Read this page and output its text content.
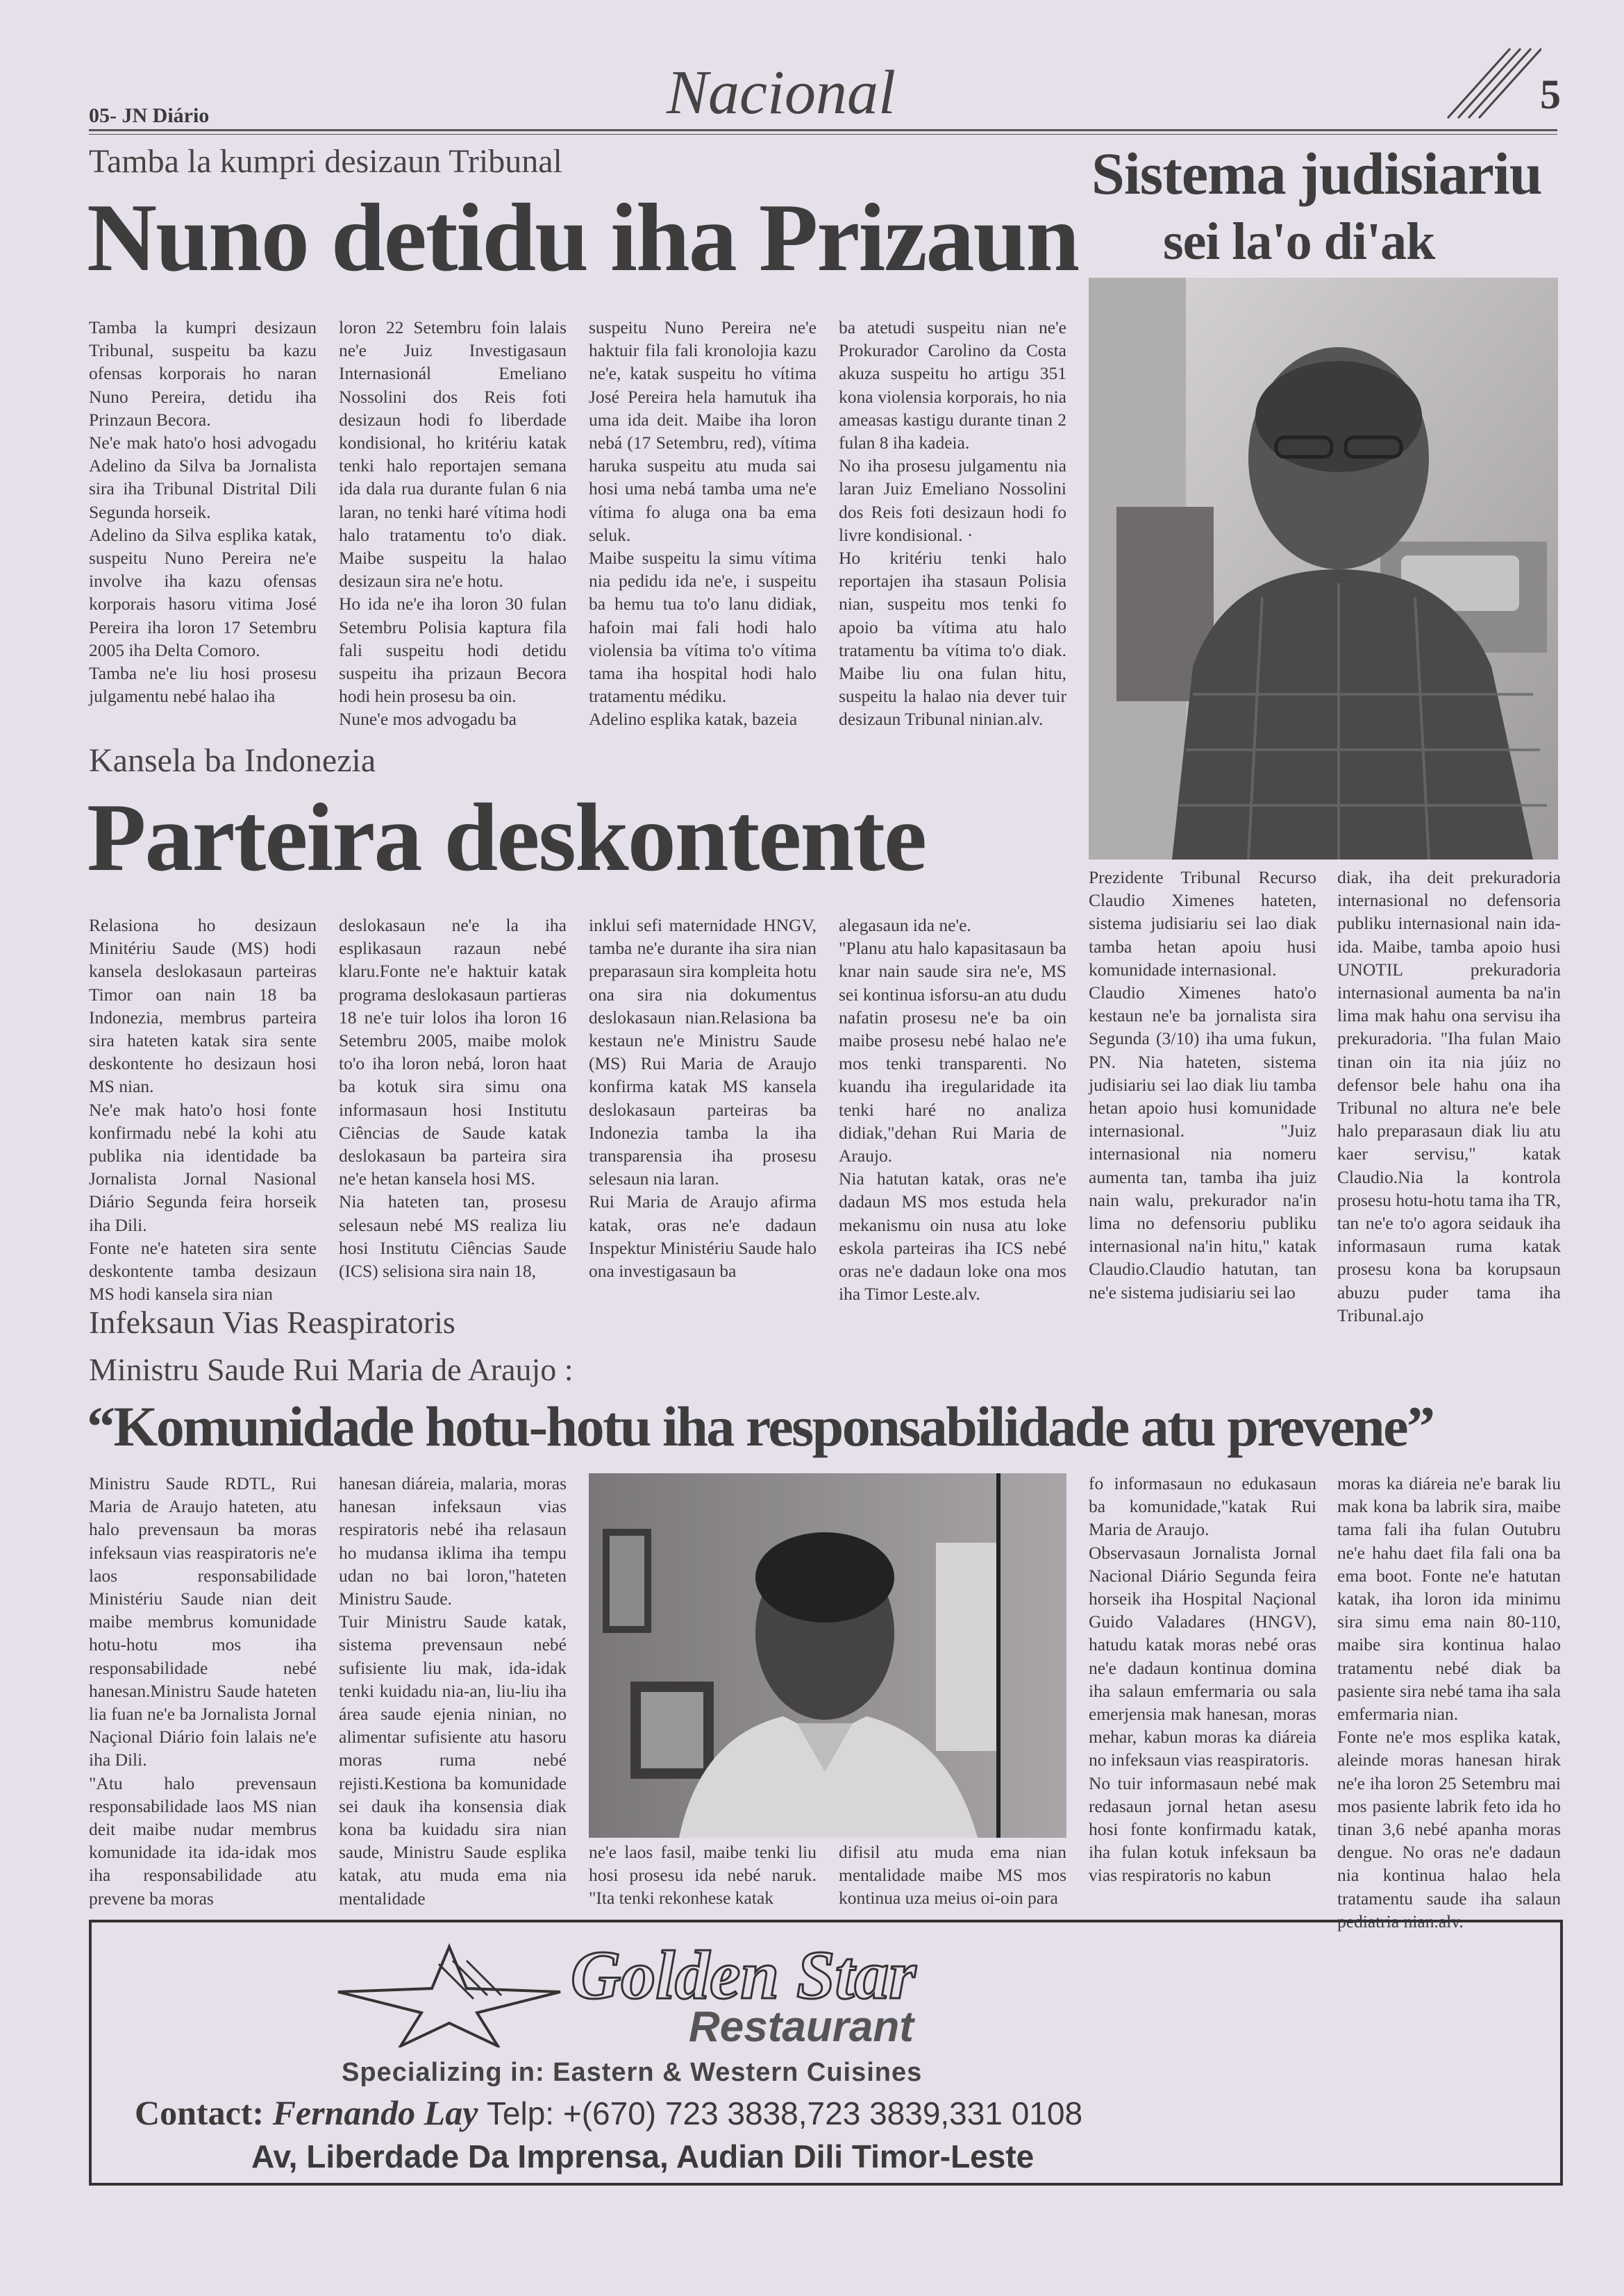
05- JN Diário	Nacional	5
Tamba la kumpri desizaun Tribunal
Nuno detidu iha Prizaun

Tamba la kumpri desizaun Tribunal, suspeitu ba kazu ofensas korporais ho naran Nuno Pereira, detidu iha Prinzaun Becora.

Ne'e mak hato'o hosi advogadu Adelino da Silva ba Jornalista sira iha Tribunal Distrital Dili Segunda horseik.

Adelino da Silva esplika katak, suspeitu Nuno Pereira ne'e involve iha kazu ofensas korporais hasoru vitima José Pereira iha loron 17 Setembru 2005 iha Delta Comoro.

Tamba ne'e liu hosi prosesu julgamentu nebé halao iha

loron 22 Setembru foin lalais ne'e Juiz Investigasaun Internasionál Emeliano Nossolini dos Reis foti desizaun hodi fo liberdade kondisional, ho kritériu katak tenki halo reportajen semana ida dala rua durante fulan 6 nia laran, no tenki haré vítima hodi halo tratamentu to'o diak. Maibe suspeitu la halao desizaun sira ne'e hotu.

Ho ida ne'e iha loron 30 fulan Setembru Polisia kaptura fila fali suspeitu hodi detidu suspeitu iha prizaun Becora hodi hein prosesu ba oin.

Nune'e mos advogadu ba

suspeitu Nuno Pereira ne'e haktuir fila fali kronolojia kazu ne'e, katak suspeitu ho vítima José Pereira hela hamutuk iha uma ida deit. Maibe iha loron nebá (17 Setembru, red), vítima haruka suspeitu atu muda sai hosi uma nebá tamba uma ne'e vítima fo aluga ona ba ema seluk.

Maibe suspeitu la simu vítima nia pedidu ida ne'e, i suspeitu ba hemu tua to'o lanu didiak, hafoin mai fali hodi halo violensia ba vítima to'o vítima tama iha hospital hodi halo tratamentu médiku.

Adelino esplika katak, bazeia

ba atetudi suspeitu nian ne'e Prokurador Carolino da Costa akuza suspeitu ho artigu 351 kona violensia korporais, ho nia ameasas kastigu durante tinan 2 fulan 8 iha kadeia.

No iha prosesu julgamentu nia laran Juiz Emeliano Nossolini dos Reis foti desizaun hodi fo livre kondisional. ·

Ho kritériu tenki halo reportajen iha stasaun Polisia nian, suspeitu mos tenki fo apoio ba vítima atu halo tratamentu ba vítima to'o diak. Maibe liu ona fulan hitu, suspeitu la halao nia dever tuir desizaun Tribunal ninian.alv.

Sistema judisiariu
sei la'o di'ak

Prezidente Tribunal Recurso Claudio Ximenes hateten, sistema judisiariu sei lao diak tamba hetan apoiu husi komunidade internasional.

Claudio Ximenes hato'o kestaun ne'e ba jornalista sira Segunda (3/10) iha uma fukun, PN. Nia hateten, sistema judisiariu sei lao diak liu tamba hetan apoio husi komunidade internasional. "Juiz internasional nia nomeru aumenta tan, tamba iha juiz nain walu, prekurador na'in lima no defensoriu publiku internasional na'in hitu," katak Claudio.Claudio hatutan, tan ne'e sistema judisiariu sei lao

diak, iha deit prekuradoria internasional no defensoria publiku internasional nain ida-ida. Maibe, tamba apoio husi UNOTIL prekuradoria internasional aumenta ba na'in lima mak hahu ona servisu iha prekuradoria. "Iha fulan Maio tinan oin ita nia júiz no defensor bele hahu ona iha Tribunal no altura ne'e bele halo preparasaun diak liu atu kaer servisu," katak Claudio.Nia la kontrola prosesu hotu-hotu tama iha TR, tan ne'e to'o agora seidauk iha informasaun ruma katak prosesu kona ba korupsaun abuzu puder tama iha Tribunal.ajo

Kansela ba Indonezia
Parteira deskontente

Relasiona ho desizaun Minitériu Saude (MS) hodi kansela deslokasaun parteiras Timor oan nain 18 ba Indonezia, membrus parteira sira hateten katak sira sente deskontente ho desizaun hosi MS nian.

Ne'e mak hato'o hosi fonte konfirmadu nebé la kohi atu publika nia identidade ba Jornalista Jornal Nasional Diário Segunda feira horseik iha Dili.

Fonte ne'e hateten sira sente deskontente tamba desizaun MS hodi kansela sira nian

deslokasaun ne'e la iha esplikasaun razaun nebé klaru.Fonte ne'e haktuir katak programa deslokasaun partieras 18 ne'e tuir lolos iha loron 16 Setembru 2005, maibe molok to'o iha loron nebá, loron haat ba kotuk sira simu ona informasaun hosi Institutu Ciências de Saude katak deslokasaun ba parteira sira ne'e hetan kansela hosi MS.

Nia hateten tan, prosesu selesaun nebé MS realiza liu hosi Institutu Ciências Saude (ICS) selisiona sira nain 18,

inklui sefi maternidade HNGV, tamba ne'e durante iha sira nian preparasaun sira kompleita hotu ona sira nia dokumentus deslokasaun nian.Relasiona ba kestaun ne'e Ministru Saude (MS) Rui Maria de Araujo konfirma katak MS kansela deslokasaun parteiras ba Indonezia tamba la iha transparensia iha prosesu selesaun nia laran.

Rui Maria de Araujo afirma katak, oras ne'e dadaun Inspektur Ministériu Saude halo ona investigasaun ba

alegasaun ida ne'e.

"Planu atu halo kapasitasaun ba knar nain saude sira ne'e, MS sei kontinua isforsu-an atu dudu nafatin prosesu ne'e ba oin maibe prosesu nebé halao ne'e mos tenki transparenti. No kuandu iha iregularidade ita tenki haré no analiza didiak,"dehan Rui Maria de Araujo.

Nia hatutan katak, oras ne'e dadaun MS mos estuda hela mekanismu oin nusa atu loke eskola parteiras iha ICS nebé oras ne'e dadaun loke ona mos iha Timor Leste.alv.

Infeksaun Vias Reaspiratoris
Ministru Saude Rui Maria de Araujo :
“Komunidade hotu-hotu iha responsabilidade atu prevene”

Ministru Saude RDTL, Rui Maria de Araujo hateten, atu halo prevensaun ba moras infeksaun vias reaspiratoris ne'e laos responsabilidade Ministériu Saude nian deit maibe membrus komunidade hotu-hotu mos iha responsabilidade nebé hanesan.Ministru Saude hateten lia fuan ne'e ba Jornalista Jornal Naçional Diário foin lalais ne'e iha Dili.

"Atu halo prevensaun responsabilidade laos MS nian deit maibe nudar membrus komunidade ita ida-idak mos iha responsabilidade atu prevene ba moras

hanesan diáreia, malaria, moras hanesan infeksaun vias respiratoris nebé iha relasaun ho mudansa iklima iha tempu udan no bai loron,"hateten Ministru Saude.

Tuir Ministru Saude katak, sistema prevensaun nebé sufisiente liu mak, ida-idak tenki kuidadu nia-an, liu-liu iha área saude ejenia ninian, no alimentar sufisiente atu hasoru moras ruma nebé rejisti.Kestiona ba komunidade sei dauk iha konsensia diak kona ba kuidadu sira nian saude, Ministru Saude esplika katak, atu muda ema nia mentalidade

ne'e laos fasil, maibe tenki liu hosi prosesu ida nebé naruk. "Ita tenki rekonhese katak

difisil atu muda ema nian mentalidade maibe MS mos kontinua uza meius oi-oin para

fo informasaun no edukasaun ba komunidade,"katak Rui Maria de Araujo.

Observasaun Jornalista Jornal Nacional Diário Segunda feira horseik iha Hospital Naçional Guido Valadares (HNGV), hatudu katak moras nebé oras ne'e dadaun kontinua domina iha salaun emfermaria ou sala emerjensia mak hanesan, moras mehar, kabun moras ka diáreia no infeksaun vias reaspiratoris.

No tuir informasaun nebé mak redasaun jornal hetan asesu hosi fonte konfirmadu katak, iha fulan kotuk infeksaun ba vias respiratoris no kabun

moras ka diáreia ne'e barak liu mak kona ba labrik sira, maibe tama fali iha fulan Outubru ne'e hahu daet fila fali ona ba ema boot. Fonte ne'e hatutan katak, iha loron ida minimu sira simu ema nain 80-110, maibe sira kontinua halao tratamentu nebé diak ba pasiente sira nebé tama iha sala emfermaria nian.

Fonte ne'e mos esplika katak, aleinde moras hanesan hirak ne'e iha loron 25 Setembru mai mos pasiente labrik feto ida ho tinan 3,6 nebé apanha moras dengue. No oras ne'e dadaun nia kontinua halao hela tratamentu saude iha salaun pediatria nian.alv.

Golden Star
Restaurant
Specializing in: Eastern & Western Cuisines
Contact: Fernando Lay Telp: +(670) 723 3838,723 3839,331 0108
Av, Liberdade Da Imprensa, Audian Dili Timor-Leste
